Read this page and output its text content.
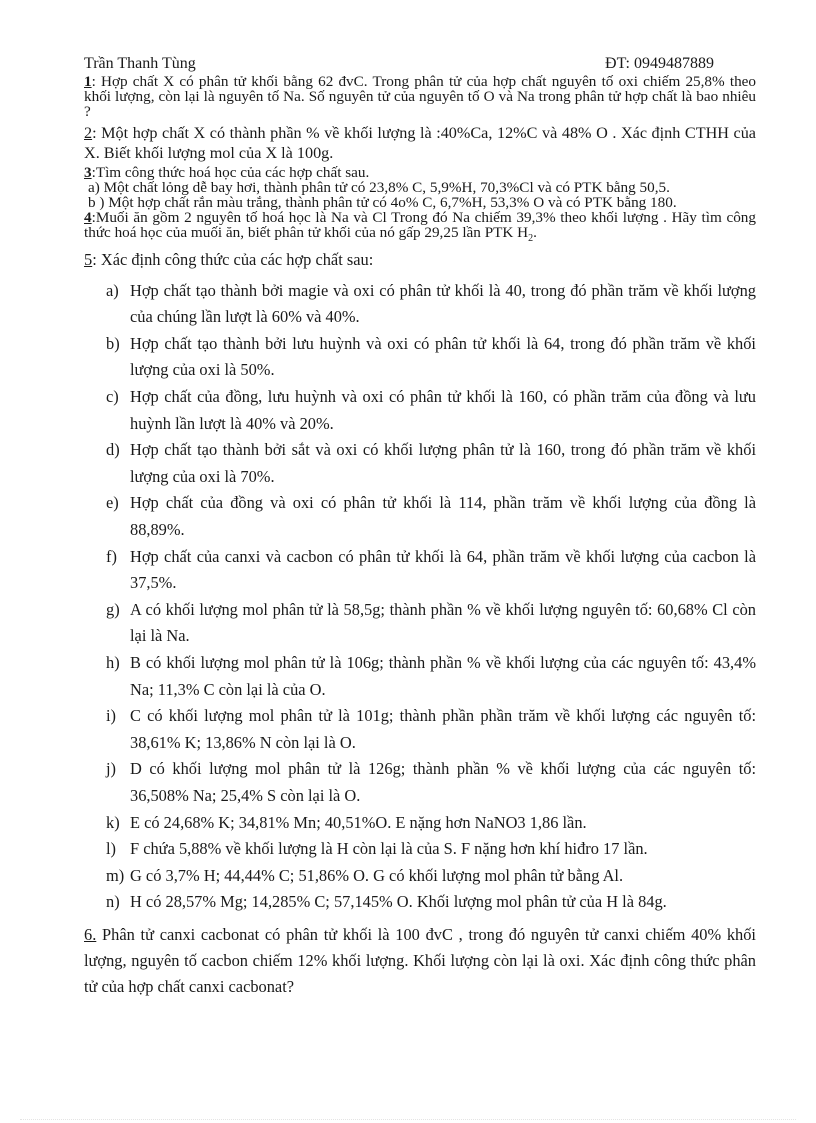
Trần Thanh Tùng	ĐT: 0949487889

1: Hợp chất X có phân tử khối bằng 62 đvC. Trong phân tử của hợp chất nguyên tố oxi chiếm 25,8% theo khối lượng, còn lại là nguyên tố Na. Số nguyên tử của nguyên tố O và Na trong phân tử hợp chất là bao nhiêu ?

2: Một hợp chất X có thành phần % về khối lượng là :40%Ca, 12%C và 48% O . Xác định CTHH của X. Biết khối lượng mol của X là 100g.

3:Tìm công thức hoá học của các hợp chất sau.

a) Một chất lỏng dễ bay hơi, thành phân tử có 23,8% C, 5,9%H, 70,3%Cl và có PTK bằng 50,5.

b ) Một hợp chất rắn màu trắng, thành phân tử có 4o% C, 6,7%H, 53,3% O và có PTK bằng 180.

4:Muối ăn gồm 2 nguyên tố hoá học là Na và Cl Trong đó Na chiếm 39,3% theo khối lượng . Hãy tìm công thức hoá học của muối ăn, biết phân tử khối của nó gấp 29,25 lần PTK $H_2$.

5: Xác định công thức của các hợp chất sau:
a) Hợp chất tạo thành bởi magie và oxi có phân tử khối là 40, trong đó phần trăm về khối lượng của chúng lần lượt là 60% và 40%.
b) Hợp chất tạo thành bởi lưu huỳnh và oxi có phân tử khối là 64, trong đó phần trăm về khối lượng của oxi là 50%.
c) Hợp chất của đồng, lưu huỳnh và oxi có phân tử khối là 160, có phần trăm của đồng và lưu huỳnh lần lượt là 40% và 20%.
d) Hợp chất tạo thành bởi sắt và oxi có khối lượng phân tử là 160, trong đó phần trăm về khối lượng của oxi là 70%.
e) Hợp chất của đồng và oxi có phân tử khối là 114, phần trăm về khối lượng của đồng là 88,89%.
f) Hợp chất của canxi và cacbon có phân tử khối là 64, phần trăm về khối lượng của cacbon là 37,5%.
g) A có khối lượng mol phân tử là 58,5g; thành phần % về khối lượng nguyên tố: 60,68% Cl còn lại là Na.
h) B có khối lượng mol phân tử là 106g; thành phần % về khối lượng của các nguyên tố: 43,4% Na; 11,3% C còn lại là của O.
i) C có khối lượng mol phân tử là 101g; thành phần phần trăm về khối lượng các nguyên tố: 38,61% K; 13,86% N còn lại là O.
j) D có khối lượng mol phân tử là 126g; thành phần % về khối lượng của các nguyên tố: 36,508% Na; 25,4% S còn lại là O.
k) E có 24,68% K; 34,81% Mn; 40,51%O. E nặng hơn NaNO3 1,86 lần.
l) F chứa 5,88% về khối lượng là H còn lại là của S. F nặng hơn khí hiđro 17 lần.
m) G có 3,7% H; 44,44% C; 51,86% O. G có khối lượng mol phân tử bằng Al.
n) H có 28,57% Mg; 14,285% C; 57,145% O. Khối lượng mol phân tử của H là 84g.
6. Phân tử canxi cacbonat có phân tử khối là 100 đvC , trong đó nguyên tử canxi chiếm 40% khối lượng, nguyên tố cacbon chiếm 12% khối lượng. Khối lượng còn lại là oxi. Xác định công thức phân tử của hợp chất canxi cacbonat?
